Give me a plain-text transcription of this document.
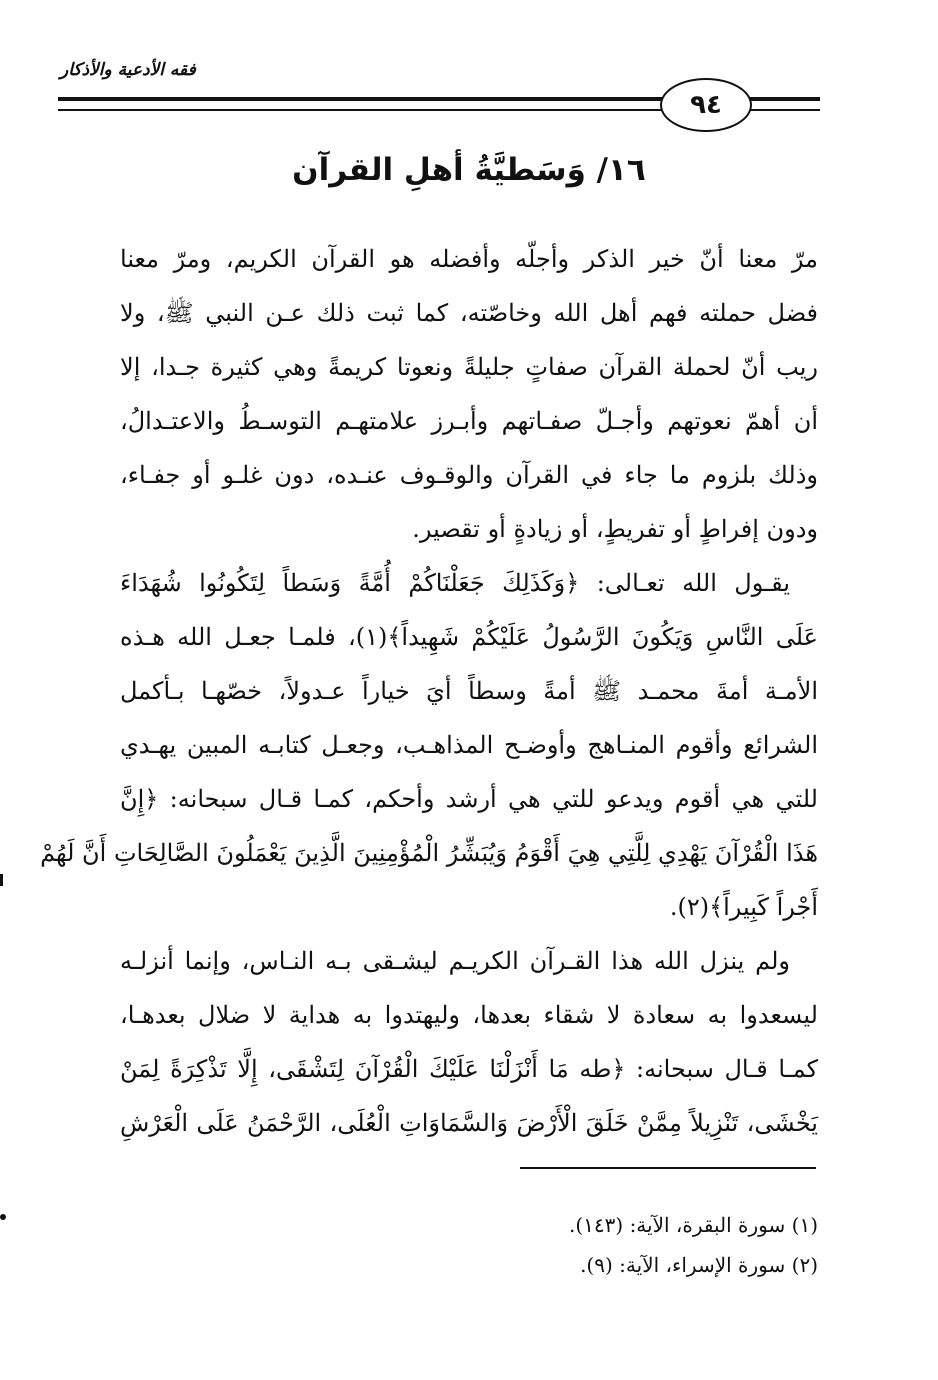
فقه الأدعية والأذكار
٩٤
١٦/ وَسَطيَّةُ أهلِ القرآن
مرّ معنا أنّ خير الذكر وأجلّه وأفضله هو القرآن الكريم، ومرّ معنا
فضل حملته فهم أهل الله وخاصّته، كما ثبت ذلك عـن النبي ﷺ، ولا
ريب أنّ لحملة القرآن صفاتٍ جليلةً ونعوتا كريمةً وهي كثيرة جـدا، إلا
أن أهمّ نعوتهم وأجـلّ صفـاتهم وأبـرز علامتهـم التوسـطُ والاعتـدالُ،
وذلك بلزوم ما جاء في القرآن والوقـوف عنـده، دون غلـو أو جفـاء،
ودون إفراطٍ أو تفريطٍ، أو زيادةٍ أو تقصير.
يقـول الله تعـالى: ﴿وَكَذَلِكَ جَعَلْنَاكُمْ أُمَّةً وَسَطاً لِتَكُونُوا شُهَدَاءَ
عَلَى النَّاسِ وَيَكُونَ الرَّسُولُ عَلَيْكُمْ شَهِيداً﴾(١)، فلمـا جعـل الله هـذه
الأمـة أمةَ محمـد ﷺ أمةً وسطاً أيَ خياراً عـدولاً، خصّهـا بـأكمل
الشرائع وأقوم المنـاهج وأوضـح المذاهـب، وجعـل كتابـه المبين يهـدي
للتي هي أقوم ويدعو للتي هي أرشد وأحكم، كمـا قـال سبحانه: ﴿إِنَّ
هَذَا الْقُرْآنَ يَهْدِي لِلَّتِي هِيَ أَقْوَمُ وَيُبَشِّرُ الْمُؤْمِنِينَ الَّذِينَ يَعْمَلُونَ الصَّالِحَاتِ أَنَّ لَهُمْ
أَجْراً كَبِيراً﴾(٢).
ولم ينزل الله هذا القـرآن الكريـم ليشـقى بـه النـاس، وإنما أنزلـه
ليسعدوا به سعادة لا شقاء بعدها، وليهتدوا به هداية لا ضلال بعدهـا،
كمـا قـال سبحانه: ﴿طه مَا أَنْزَلْنَا عَلَيْكَ الْقُرْآنَ لِتَشْقَى، إِلَّا تَذْكِرَةً لِمَنْ
يَخْشَى، تَنْزِيلاً مِمَّنْ خَلَقَ الْأَرْضَ وَالسَّمَاوَاتِ الْعُلَى، الرَّحْمَنُ عَلَى الْعَرْشِ
(١) سورة البقرة، الآية: (١٤٣).
(٢) سورة الإسراء، الآية: (٩).
